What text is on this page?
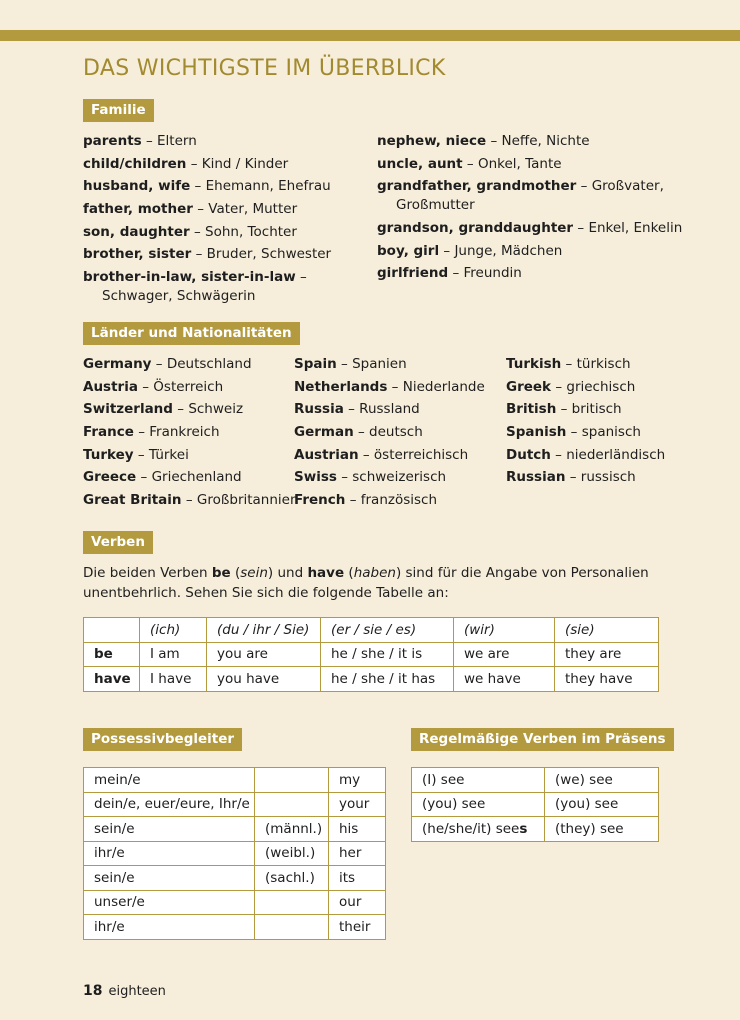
DAS WICHTIGSTE IM ÜBERBLICK
Familie
parents – Eltern
child/children – Kind / Kinder
husband, wife – Ehemann, Ehefrau
father, mother – Vater, Mutter
son, daughter – Sohn, Tochter
brother, sister – Bruder, Schwester
brother-in-law, sister-in-law – Schwager, Schwägerin
nephew, niece – Neffe, Nichte
uncle, aunt – Onkel, Tante
grandfather, grandmother – Großvater, Großmutter
grandson, granddaughter – Enkel, Enkelin
boy, girl – Junge, Mädchen
girlfriend – Freundin
Länder und Nationalitäten
Germany – Deutschland
Austria – Österreich
Switzerland – Schweiz
France – Frankreich
Turkey – Türkei
Greece – Griechenland
Great Britain – Großbritannien
Spain – Spanien
Netherlands – Niederlande
Russia – Russland
German – deutsch
Austrian – österreichisch
Swiss – schweizerisch
French – französisch
Turkish – türkisch
Greek – griechisch
British – britisch
Spanish – spanisch
Dutch – niederländisch
Russian – russisch
Verben

Die beiden Verben be (sein) und have (haben) sind für die Angabe von Personalien unentbehrlich. Sehen Sie sich die folgende Tabelle an:

	(ich)	(du / ihr / Sie)	(er / sie / es)	(wir)	(sie)
be	I am	you are	he / she / it is	we are	they are
have	I have	you have	he / she / it has	we have	they have
Possessivbegleiter
mein/e		my
dein/e, euer/eure, Ihr/e		your
sein/e	(männl.)	his
ihr/e	(weibl.)	her
sein/e	(sachl.)	its
unser/e		our
ihr/e		their
Regelmäßige Verben im Präsens
(I) see	(we) see
(you) see	(you) see
(he/she/it) sees	(they) see
18 eighteen
